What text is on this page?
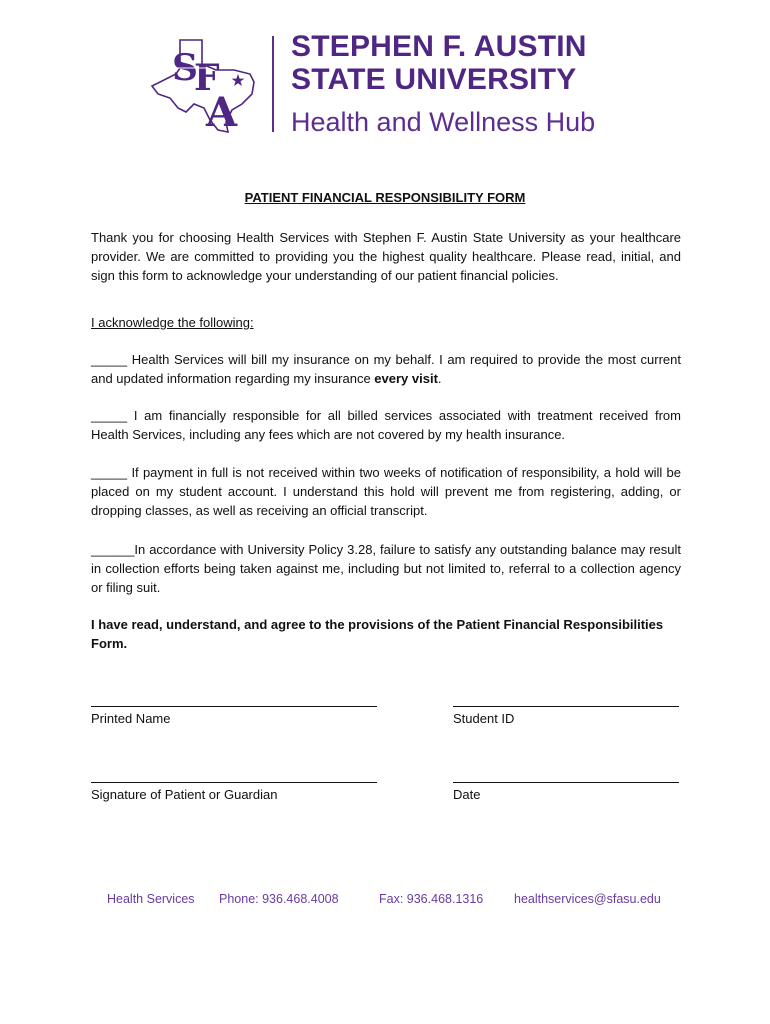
S
F
A
STEPHEN F. AUSTIN
STATE UNIVERSITY
Health and Wellness Hub
PATIENT FINANCIAL RESPONSIBILITY FORM
Thank you for choosing Health Services with Stephen F. Austin State University as your healthcare provider. We are committed to providing you the highest quality healthcare. Please read, initial, and sign this form to acknowledge your understanding of our patient financial policies.
I acknowledge the following:
_____ Health Services will bill my insurance on my behalf. I am required to provide the most current and updated information regarding my insurance every visit.
_____ I am financially responsible for all billed services associated with treatment received from Health Services, including any fees which are not covered by my health insurance.
_____ If payment in full is not received within two weeks of notification of responsibility, a hold will be placed on my student account. I understand this hold will prevent me from registering, adding, or dropping classes, as well as receiving an official transcript.
______In accordance with University Policy 3.28, failure to satisfy any outstanding balance may result in collection efforts being taken against me, including but not limited to, referral to a collection agency or filing suit.
I have read, understand, and agree to the provisions of the Patient Financial Responsibilities Form.
Printed Name	Student ID
Signature of Patient or Guardian	Date
Health Services Phone: 936.468.4008	Fax: 936.468.1316 healthservices@sfasu.edu
